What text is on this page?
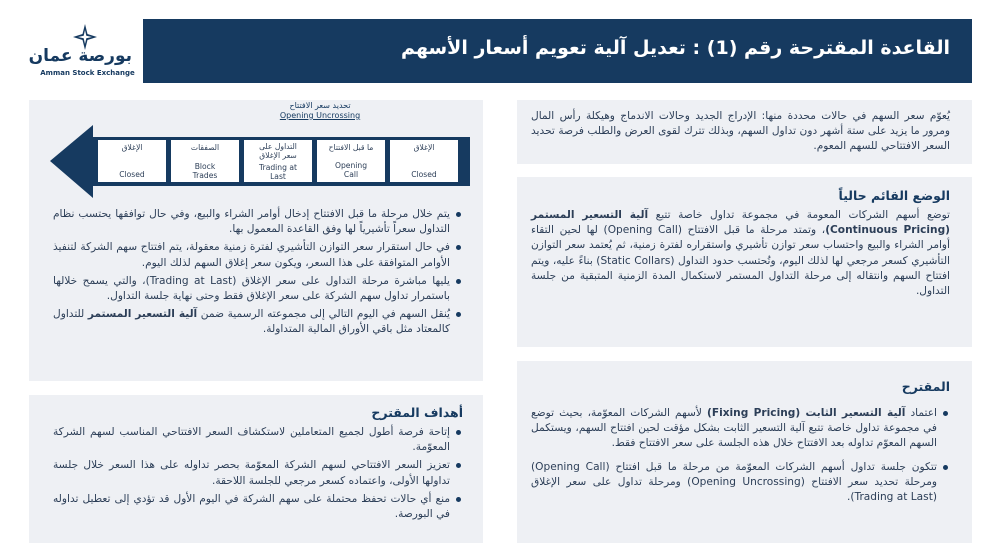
بورصة عمان
Amman Stock Exchange
القاعدة المقترحة رقم (1) : تعديل آلية تعويم أسعار الأسهم
يُعوّم سعر السهم في حالات محددة منها: الإدراج الجديد وحالات الاندماج وهيكلة رأس المال ومرور ما يزيد على ستة أشهر دون تداول السهم، وبذلك تترك لقوى العرض والطلب فرصة تحديد السعر الافتتاحي للسهم المعوم.
الوضع القائم حالياً
توضع أسهم الشركات المعومة في مجموعة تداول خاصة تتبع آلية التسعير المستمر (Continuous Pricing)، وتمتد مرحلة ما قبل الافتتاح (Opening Call) لها لحين التقاء أوامر الشراء والبيع واحتساب سعر توازن تأشيري واستقراره لفترة زمنية، ثم يُعتمد سعر التوازن التأشيري كسعر مرجعي لها لذلك اليوم، وتُحتسب حدود التداول (Static Collars) بناءً عليه، ويتم افتتاح السهم وانتقاله إلى مرحلة التداول المستمر لاستكمال المدة الزمنية المتبقية من جلسة التداول.
المقترح
اعتماد آلية التسعير الثابت (Fixing Pricing) لأسهم الشركات المعوّمة، بحيث توضع في مجموعة تداول خاصة تتبع آلية التسعير الثابت بشكل مؤقت لحين افتتاح السهم، ويستكمل السهم المعوّم تداوله بعد الافتتاح خلال هذه الجلسة على سعر الافتتاح فقط.
تتكون جلسة تداول أسهم الشركات المعوّمة من مرحلة ما قبل افتتاح (Opening Call) ومرحلة تحديد سعر الافتتاح (Opening Uncrossing) ومرحلة تداول على سعر الإغلاق (Trading at Last).
يتم خلال مرحلة ما قبل الافتتاح إدخال أوامر الشراء والبيع، وفي حال توافقها يحتسب نظام التداول سعراً تأشيرياً لها وفق القاعدة المعمول بها.
في حال استقرار سعر التوازن التأشيري لفترة زمنية معقولة، يتم افتتاح سهم الشركة لتنفيذ الأوامر المتوافقة على هذا السعر، ويكون سعر إغلاق السهم لذلك اليوم.
يليها مباشرة مرحلة التداول على سعر الإغلاق (Trading at Last)، والتي يسمح خلالها باستمرار تداول سهم الشركة على سعر الإغلاق فقط وحتى نهاية جلسة التداول.
يُنقل السهم في اليوم التالي إلى مجموعته الرسمية ضمن آلية التسعير المستمر للتداول كالمعتاد مثل باقي الأوراق المالية المتداولة.
تحديد سعر الافتتاح
Opening Uncrossing
الإغلاق
Closed
الصفقات
Block Trades
التداول على سعر الإغلاق
Trading at Last
ما قبل الافتتاح
Opening Call
الإغلاق
Closed
أهداف المقترح
إتاحة فرصة أطول لجميع المتعاملين لاستكشاف السعر الافتتاحي المناسب لسهم الشركة المعوّمة.
تعزيز السعر الافتتاحي لسهم الشركة المعوّمة بحصر تداوله على هذا السعر خلال جلسة تداولها الأولى، واعتماده كسعر مرجعي للجلسة اللاحقة.
منع أي حالات تحفظ محتملة على سهم الشركة في اليوم الأول قد تؤدي إلى تعطيل تداوله في البورصة.
